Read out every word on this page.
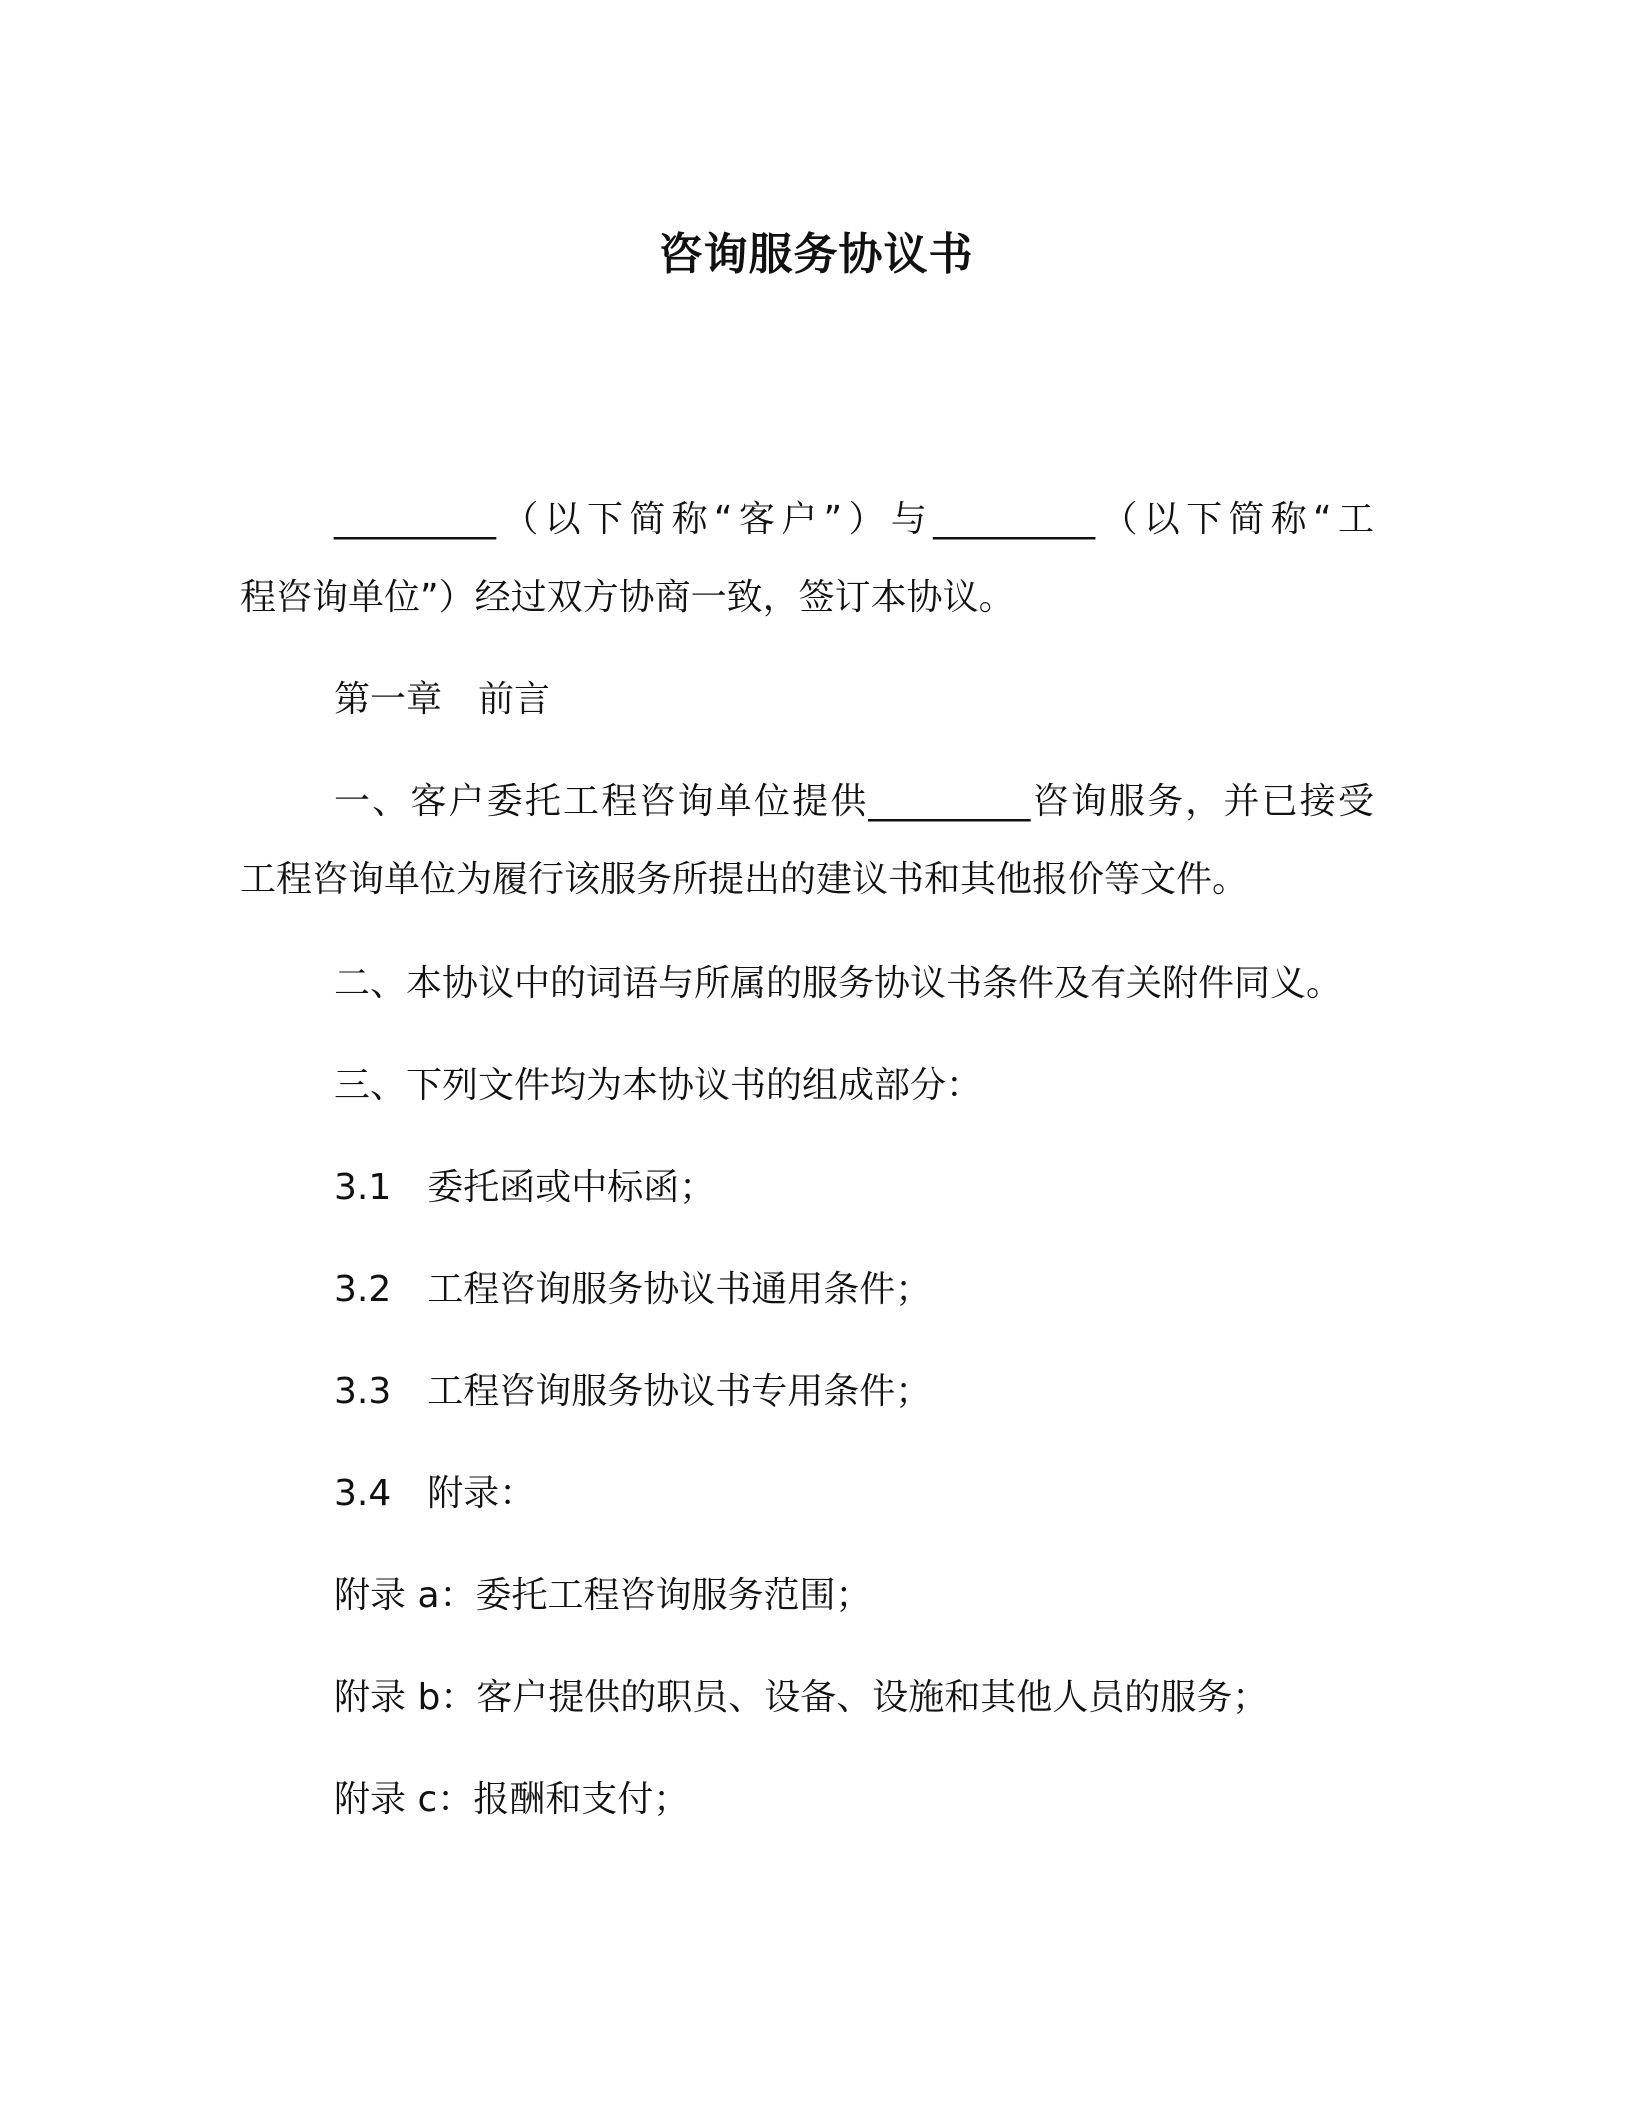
咨询服务协议书
_________（以下简称“客户”）与_________（以下简称“工
程咨询单位”）经过双方协商一致，签订本协议。
第一章　前言
一、客户委托工程咨询单位提供_________咨询服务，并已接受
工程咨询单位为履行该服务所提出的建议书和其他报价等文件。
二、本协议中的词语与所属的服务协议书条件及有关附件同义。
三、下列文件均为本协议书的组成部分：
3.1　委托函或中标函；
3.2　工程咨询服务协议书通用条件；
3.3　工程咨询服务协议书专用条件；
3.4　附录：
附录 a：委托工程咨询服务范围；
附录 b：客户提供的职员、设备、设施和其他人员的服务；
附录 c：报酬和支付；
